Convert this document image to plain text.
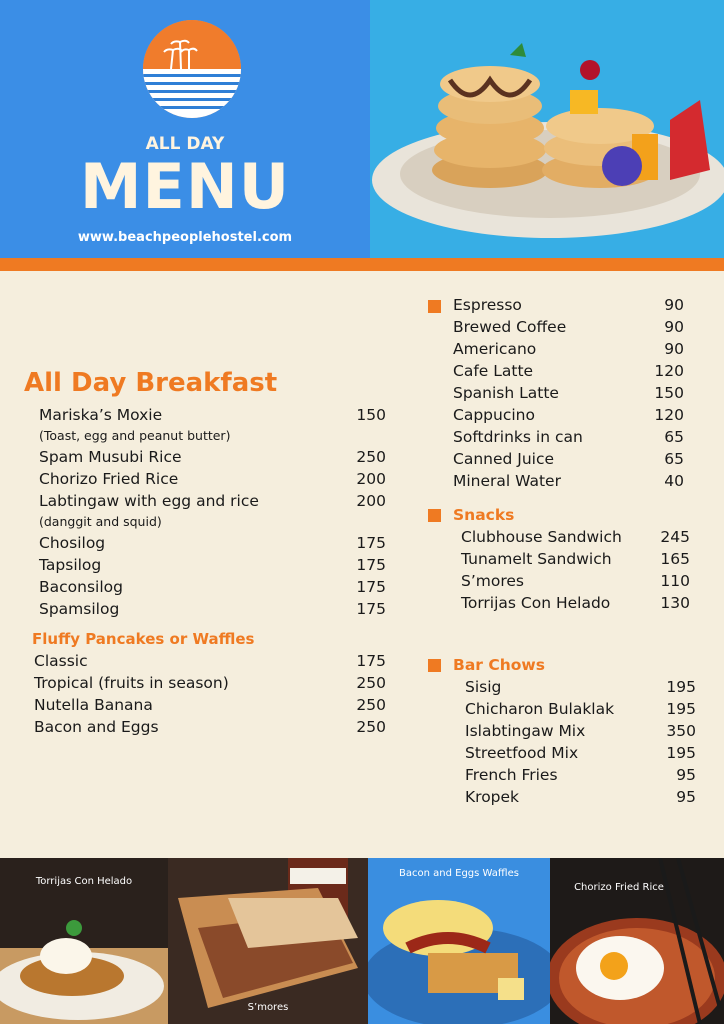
ALL DAY
MENU
www.beachpeoplehostel.com
All Day Breakfast
Mariska’s Moxie	150
(Toast, egg and peanut butter)
Spam Musubi Rice	250
Chorizo Fried Rice	200
Labtingaw with egg and rice	200
(danggit and squid)
Chosilog	175
Tapsilog	175
Baconsilog	175
Spamsilog	175
Fluffy Pancakes or Waffles
Classic	175
Tropical (fruits in season)	250
Nutella Banana	250
Bacon and Eggs	250
Espresso	90
Brewed Coffee	90
Americano	90
Cafe Latte	120
Spanish Latte	150
Cappucino	120
Softdrinks in can	65
Canned Juice	65
Mineral Water	40
Snacks
Clubhouse Sandwich 245
Tunamelt Sandwich	165
S’mores	110
Torrijas Con Helado	130
Bar Chows
Sisig	195
Chicharon Bulaklak	195
Islabtingaw Mix	350
Streetfood Mix	195
French Fries	95
Kropek	95
Torrijas Con Helado
S’mores
Bacon and Eggs Waffles
Chorizo Fried Rice
